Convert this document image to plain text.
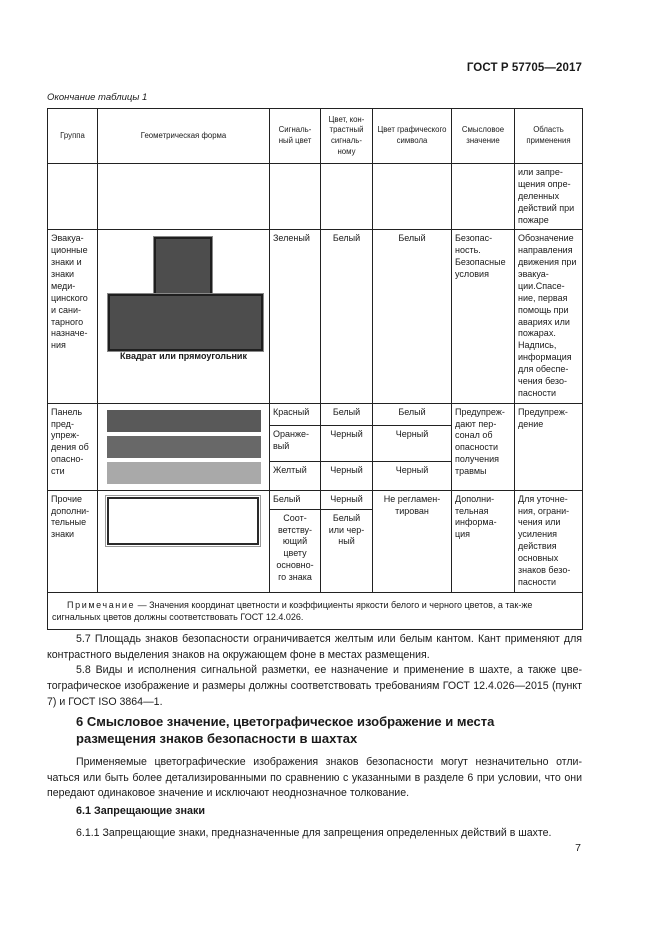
ГОСТ Р 57705—2017
Окончание таблицы 1
Группа	Геометрическая форма	Сигналь-ный цвет	Цвет, кон-трастный сигналь-ному	Цвет графического символа	Смысловое значение	Область применения
						или запре-щения опре-деленных действий при пожаре
Эвакуа-ционные знаки и знаки меди-цинского и сани-тарного назначе-ния	Квадрат или прямоугольник	Зеленый	Белый	Белый	Безопас-ность. Безопасные условия	Обозначение направления движения при эвакуа-ции.Спасе-ние, первая помощь при авариях или пожарах. Надпись, информация для обеспе-чения безо-пасности
Панель пред-упреж-дения об опасно-сти		Красный	Белый	Белый	Предупреж-дают пер-сонал об опасности получения травмы	Предупреж-дение
		Оранже-вый	Черный	Черный		
		Желтый	Черный	Черный		
Прочие дополни-тельные знаки		Белый	Черный	Не регламен-тирован	Дополни-тельная информа-ция	Для уточне-ния, ограни-чения или усиления действия основных знаков безо-пасности
		Соот-ветству-ющий цвету основно-го знака	Белый или чер-ный			
Примечание — Значения координат цветности и коэффициенты яркости белого и черного цветов, а так-же сигнальных цветов должны соответствовать ГОСТ 12.4.026.						

5.7 Площадь знаков безопасности ограничивается желтым или белым кантом. Кант применяют для контрастного выделения знаков на окружающем фоне в местах размещения.

5.8 Виды и исполнения сигнальной разметки, ее назначение и применение в шахте, а также цве-тографическое изображение и размеры должны соответствовать требованиям ГОСТ 12.4.026—2015 (пункт 7) и ГОСТ ISO 3864—1.

6 Смысловое значение, цветографическое изображение и места размещения знаков безопасности в шахтах

Применяемые цветографические изображения знаков безопасности могут незначительно отли-чаться или быть более детализированными по сравнению с указанными в разделе 6 при условии, что они передают одинаковое значение и исключают неоднозначное толкование.

6.1 Запрещающие знаки

6.1.1 Запрещающие знаки, предназначенные для запрещения определенных действий в шахте.

7
